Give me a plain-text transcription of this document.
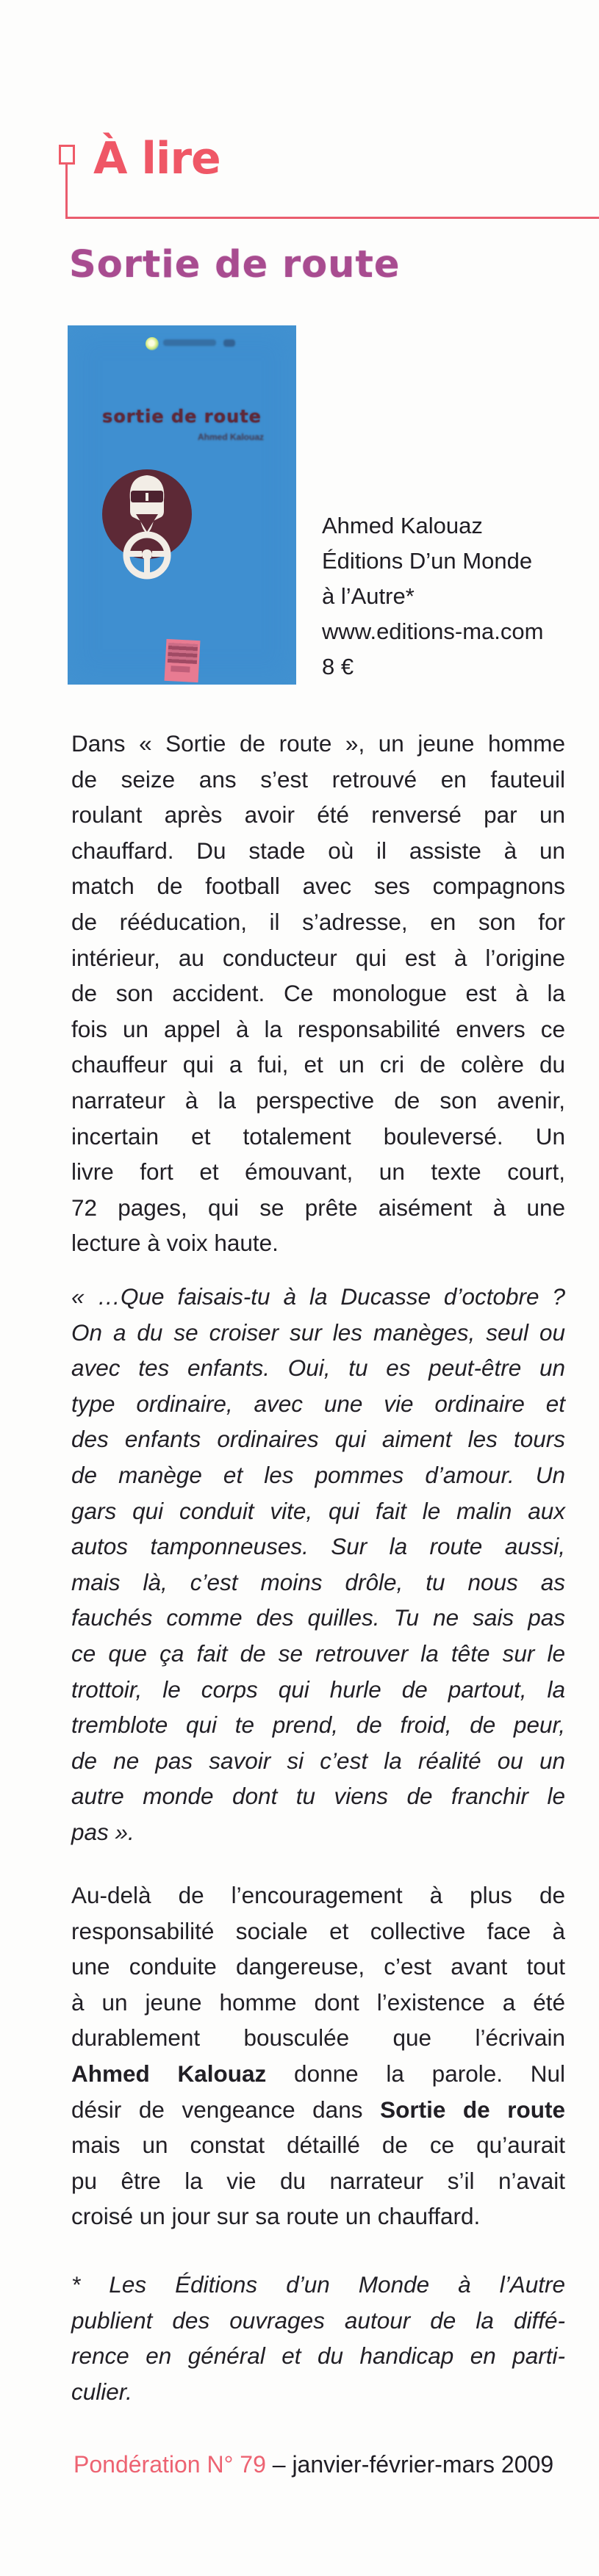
À lire
Sortie de route
sortie de route
Ahmed Kalouaz
Ahmed Kalouaz
Éditions D’un Monde
à l’Autre*
www.editions-ma.com
8 €
Dans « Sortie de route », un jeune homme
de seize ans s’est retrouvé en fauteuil
roulant après avoir été renversé par un
chauffard. Du stade où il assiste à un
match de football avec ses compagnons
de rééducation, il s’adresse, en son for
intérieur, au conducteur qui est à l’origine
de son accident. Ce monologue est à la
fois un appel à la responsabilité envers ce
chauffeur qui a fui, et un cri de colère du
narrateur à la perspective de son avenir,
incertain et totalement bouleversé. Un
livre fort et émouvant, un texte court,
72 pages, qui se prête aisément à une
lecture à voix haute.
« …Que faisais-tu à la Ducasse d’octobre ?
On a du se croiser sur les manèges, seul ou
avec tes enfants. Oui, tu es peut-être un
type ordinaire, avec une vie ordinaire et
des enfants ordinaires qui aiment les tours
de manège et les pommes d’amour. Un
gars qui conduit vite, qui fait le malin aux
autos tamponneuses. Sur la route aussi,
mais là, c’est moins drôle, tu nous as
fauchés comme des quilles. Tu ne sais pas
ce que ça fait de se retrouver la tête sur le
trottoir, le corps qui hurle de partout, la
tremblote qui te prend, de froid, de peur,
de ne pas savoir si c’est la réalité ou un
autre monde dont tu viens de franchir le
pas ».
Au-delà de l’encouragement à plus de
responsabilité sociale et collective face à
une conduite dangereuse, c’est avant tout
à un jeune homme dont l’existence a été
durablement bousculée que l’écrivain
Ahmed Kalouaz donne la parole. Nul
désir de vengeance dans Sortie de route
mais un constat détaillé de ce qu’aurait
pu être la vie du narrateur s’il n’avait
croisé un jour sur sa route un chauffard.
* Les Éditions d’un Monde à l’Autre
publient des ouvrages autour de la diffé-
rence en général et du handicap en parti-
culier.
Pondération N° 79 – janvier-février-mars 2009
